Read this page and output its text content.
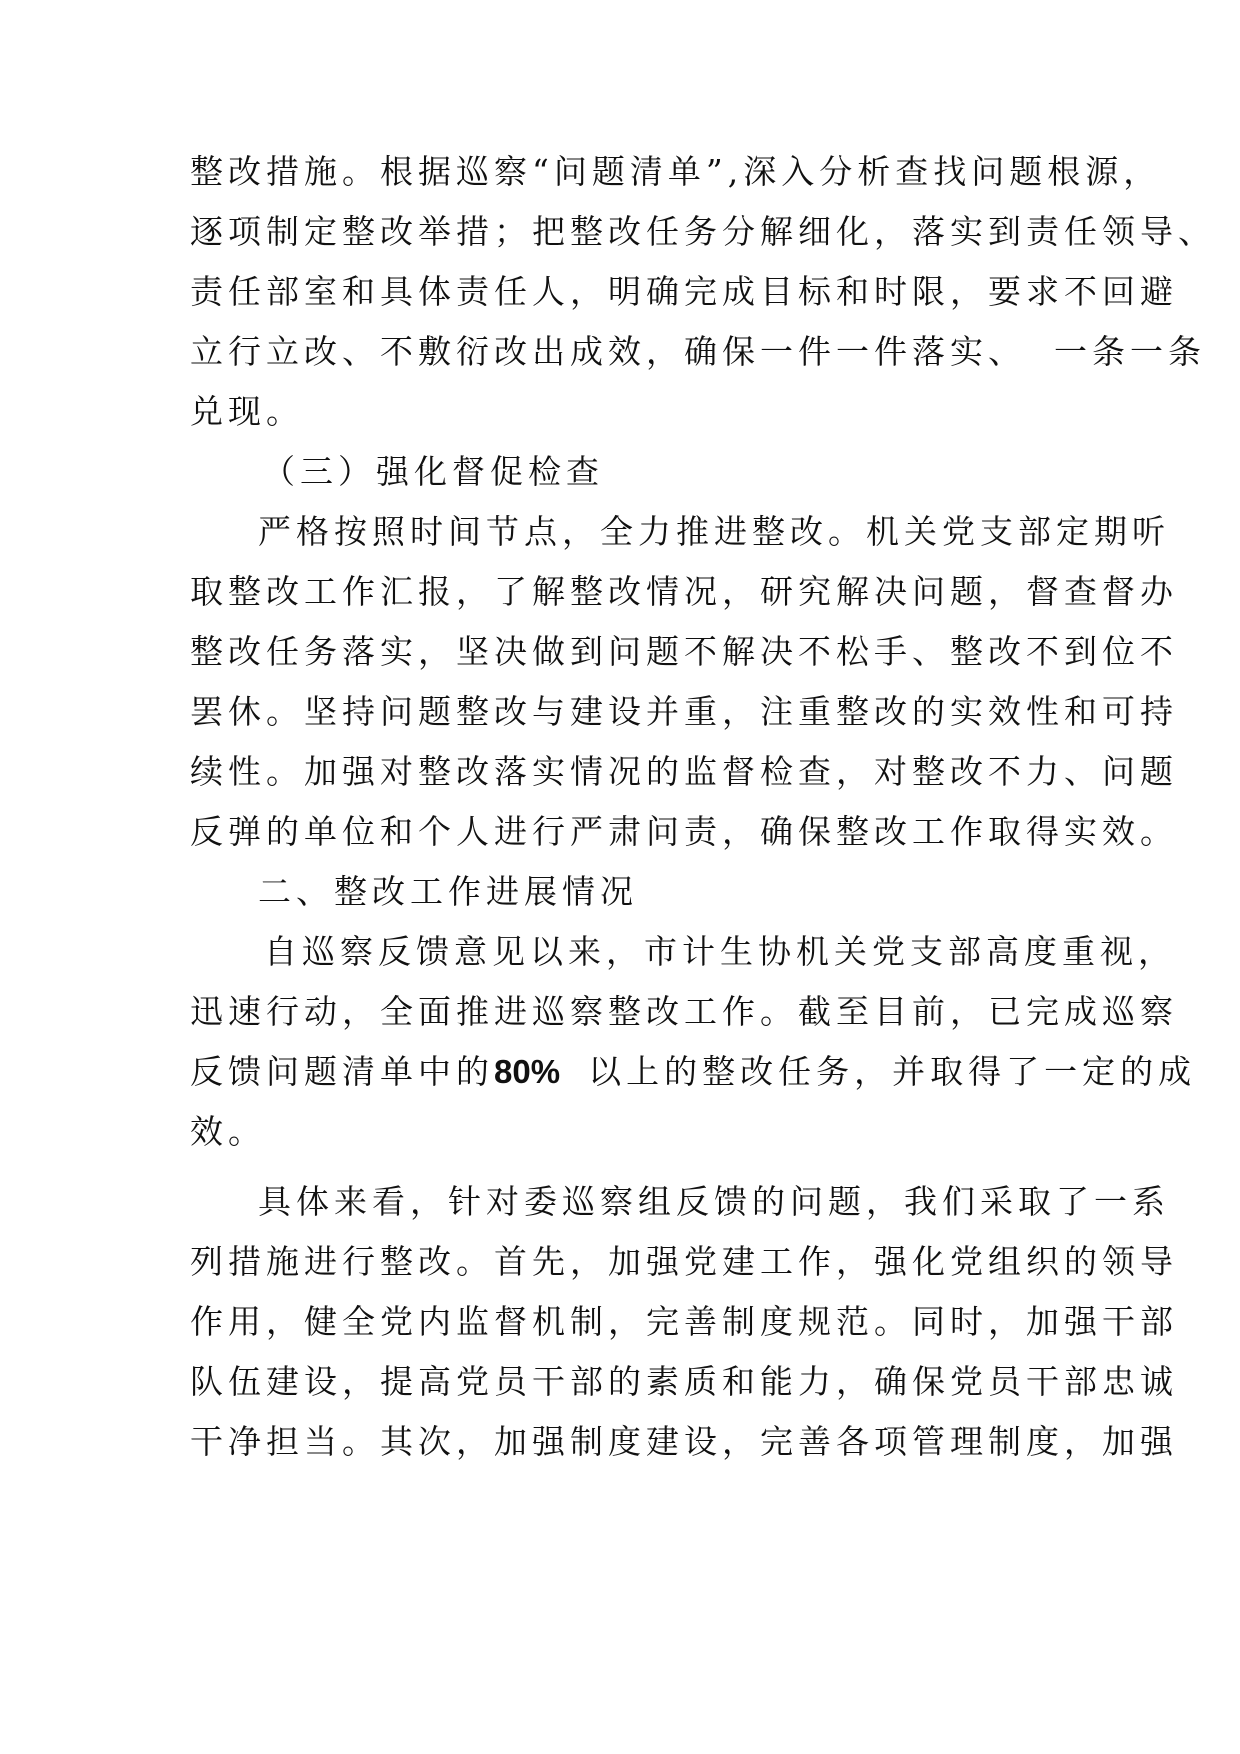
整改措施。根据巡察“问题清单”,深入分析查找问题根源，
逐项制定整改举措；把整改任务分解细化，落实到责任领导、
责任部室和具体责任人，明确完成目标和时限，要求不回避
立行立改、不敷衍改出成效，确保一件一件落实、 一条一条
兑现。
（三）强化督促检查
严格按照时间节点，全力推进整改。机关党支部定期听
取整改工作汇报，了解整改情况，研究解决问题，督查督办
整改任务落实，坚决做到问题不解决不松手、整改不到位不
罢休。坚持问题整改与建设并重，注重整改的实效性和可持
续性。加强对整改落实情况的监督检查，对整改不力、问题
反弹的单位和个人进行严肃问责，确保整改工作取得实效。
二、整改工作进展情况
自巡察反馈意见以来，市计生协机关党支部高度重视，
迅速行动，全面推进巡察整改工作。截至目前，已完成巡察
反馈问题清单中的80% 以上的整改任务，并取得了一定的成
效。
具体来看，针对委巡察组反馈的问题，我们采取了一系
列措施进行整改。首先，加强党建工作，强化党组织的领导
作用，健全党内监督机制，完善制度规范。同时，加强干部
队伍建设，提高党员干部的素质和能力，确保党员干部忠诚
干净担当。其次，加强制度建设，完善各项管理制度，加强
